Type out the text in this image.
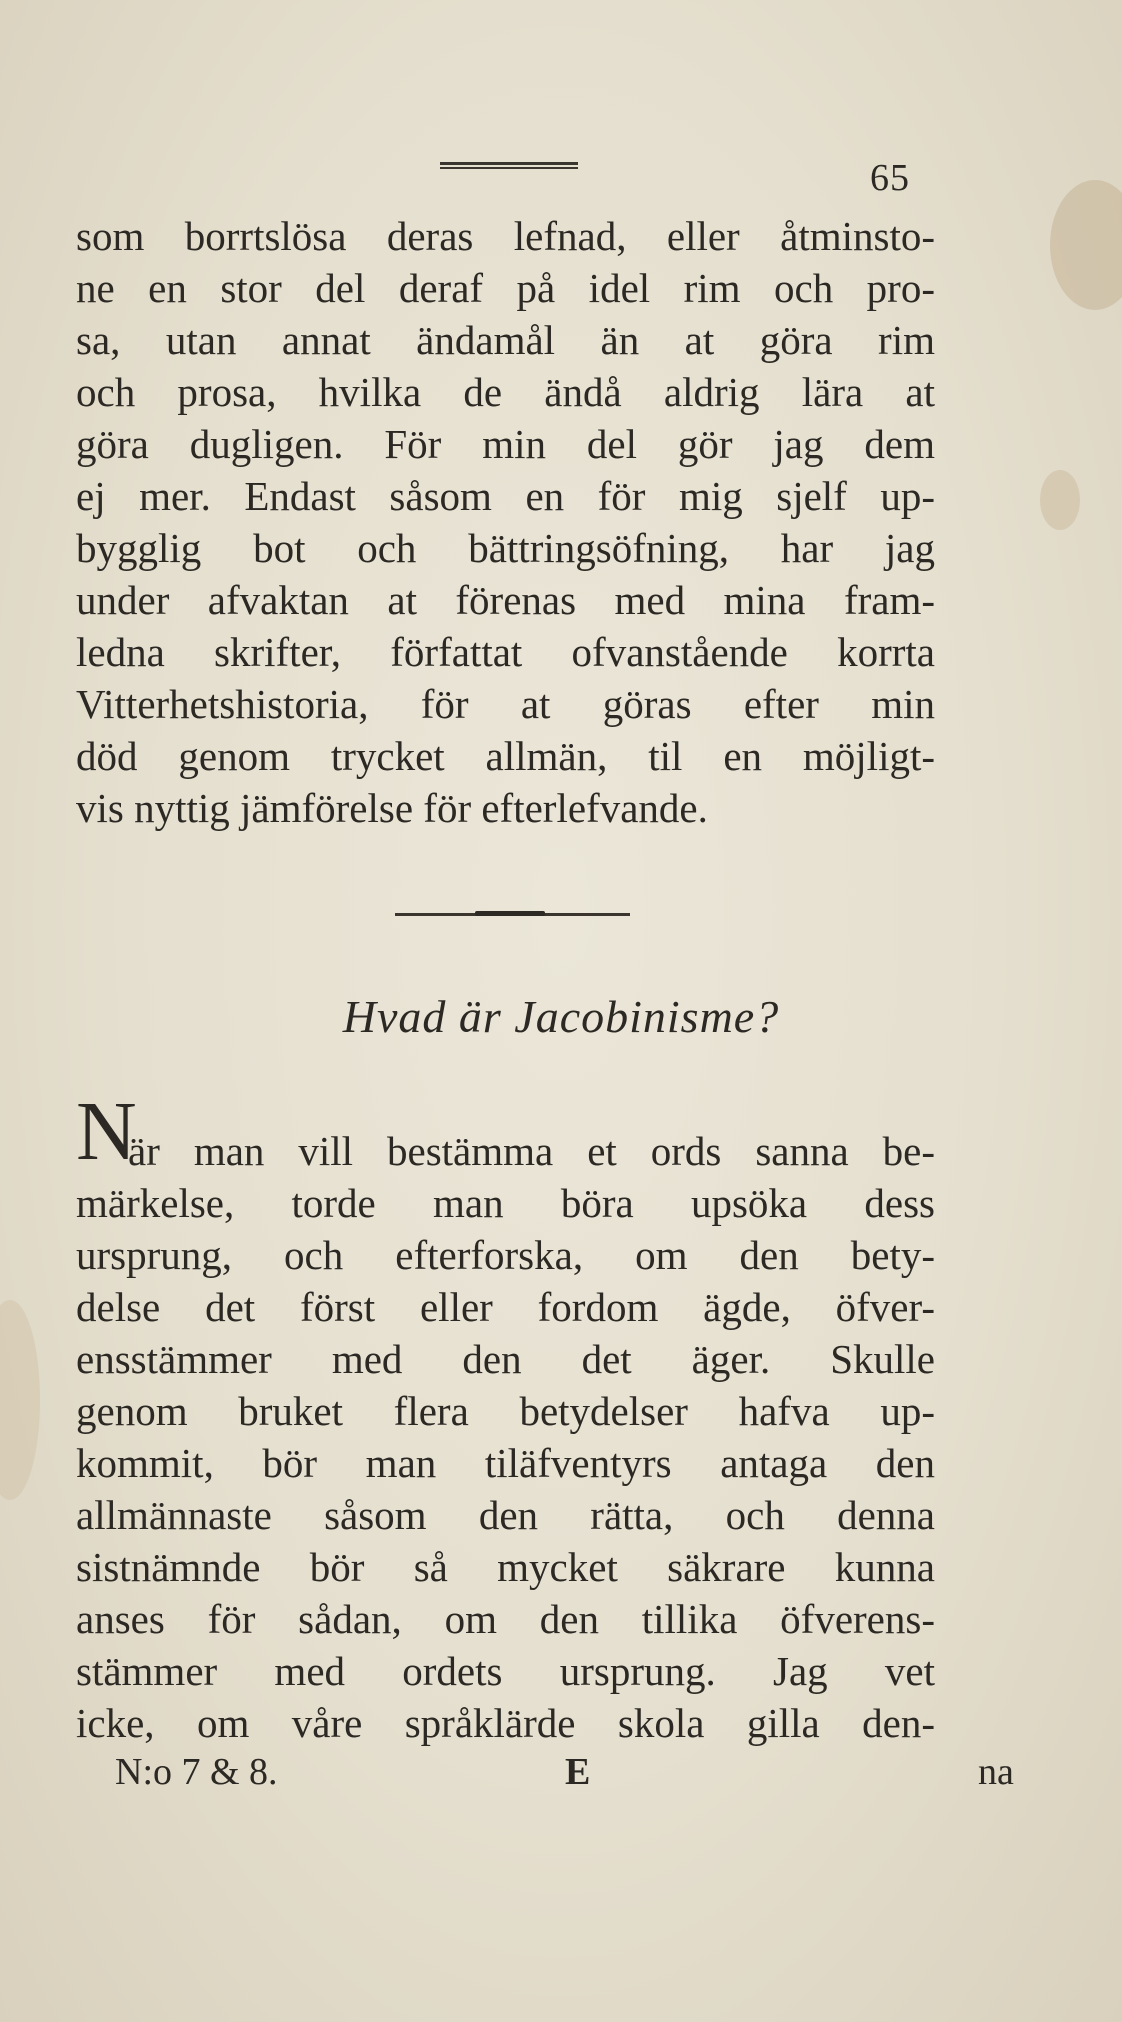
65
som borrtslösa deras lefnad, eller åtminsto-
ne en stor del deraf på idel rim och pro-
sa, utan annat ändamål än at göra rim
och prosa, hvilka de ändå aldrig lära at
göra dugligen. För min del gör jag dem
ej mer. Endast såsom en för mig sjelf up-
bygglig bot och bättringsöfning, har jag
under afvaktan at förenas med mina fram-
ledna skrifter, författat ofvanstående korrta
Vitterhetshistoria, för at göras efter min
död genom trycket allmän, til en möjligt-
vis nyttig jämförelse för efterlefvande.
Hvad är Jacobinisme?
N
är man vill bestämma et ords sanna be-
märkelse, torde man böra upsöka dess
ursprung, och efterforska, om den bety-
delse det först eller fordom ägde, öfver-
ensstämmer med den det äger. Skulle
genom bruket flera betydelser hafva up-
kommit, bör man tiläfventyrs antaga den
allmännaste såsom den rätta, och denna
sistnämnde bör så mycket säkrare kunna
anses för sådan, om den tillika öfverens-
stämmer med ordets ursprung. Jag vet
icke, om våre språklärde skola gilla den-
N:o 7 & 8.	E	na
